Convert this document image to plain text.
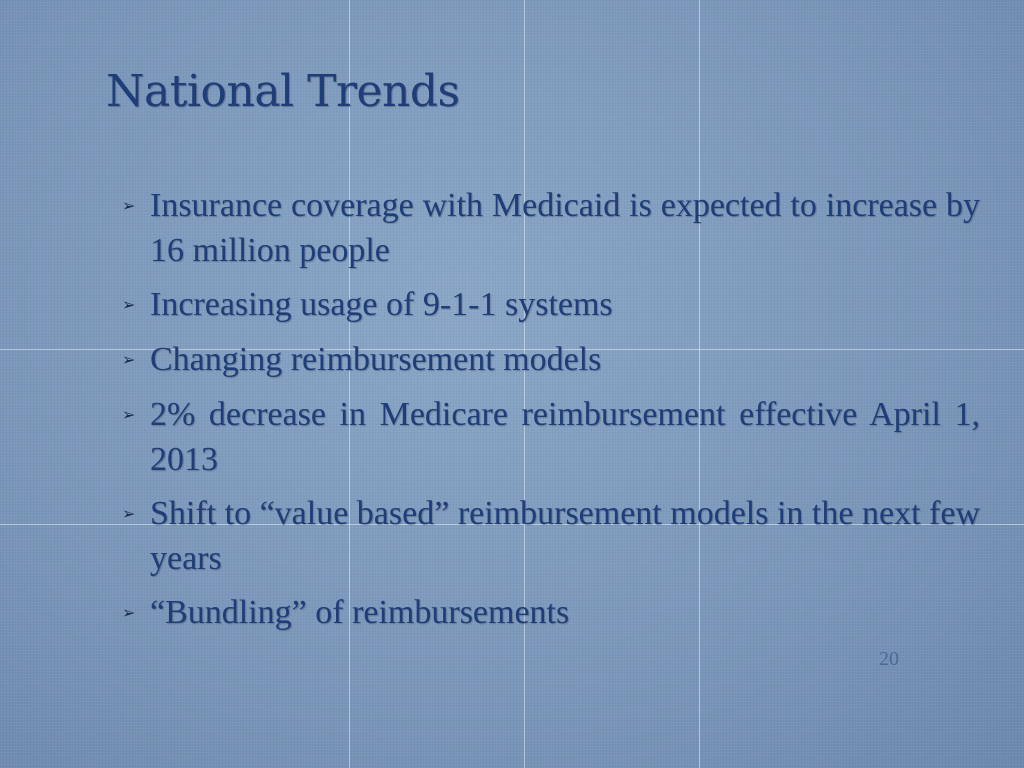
National Trends
➢ Insurance coverage with Medicaid is expected to increase by 16 million people
➢ Increasing usage of 9-1-1 systems
➢ Changing reimbursement models
➢ 2% decrease in Medicare reimbursement effective April 1, 2013
➢ Shift to “value based” reimbursement models in the next few years
➢ “Bundling” of reimbursements
20
